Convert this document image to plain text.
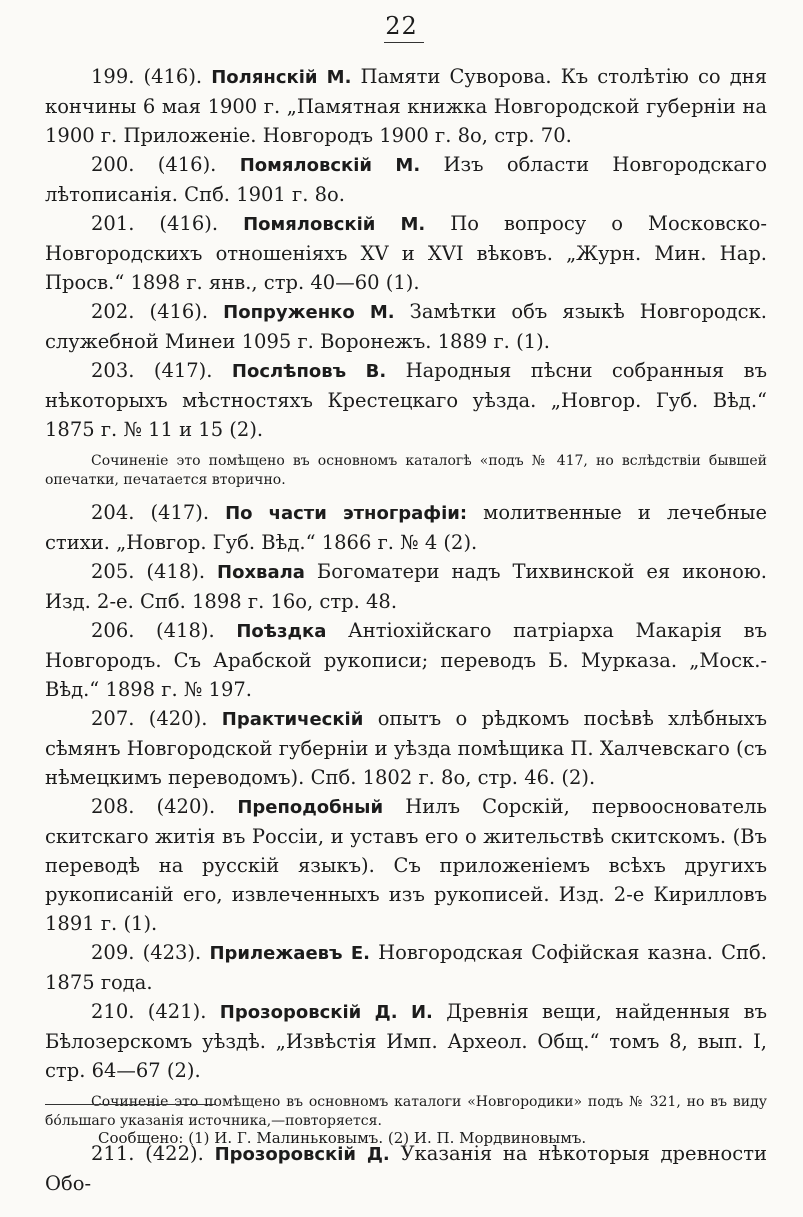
22

199. (416). Полянскій М. Памяти Суворова. Къ столѣтію со дня кончины 6 мая 1900 г. „Памятная книжка Новгородской губерніи на 1900 г. Приложеніе. Новгородъ 1900 г. 8о, стр. 70.

200. (416). Помяловскій М. Изъ области Новгородскаго лѣтописанія. Спб. 1901 г. 8о.

201. (416). Помяловскій М. По вопросу о Московско-Новгородскихъ отношеніяхъ XV и XVI вѣковъ. „Журн. Мин. Нар. Просв.“ 1898 г. янв., стр. 40—60 (1).

202. (416). Попруженко М. Замѣтки объ языкѣ Новгородск. служебной Минеи 1095 г. Воронежъ. 1889 г. (1).

203. (417). Послѣповъ В. Народныя пѣсни собранныя въ нѣкоторыхъ мѣстностяхъ Крестецкаго уѣзда. „Новгор. Губ. Вѣд.“ 1875 г. № 11 и 15 (2).

Сочиненіе это помѣщено въ основномъ каталогѣ «подъ № 417, но вслѣдствіи бывшей опечатки, печатается вторично.

204. (417). По части этнографіи: молитвенные и лечебные стихи. „Новгор. Губ. Вѣд.“ 1866 г. № 4 (2).

205. (418). Похвала Богоматери надъ Тихвинской ея иконою. Изд. 2-е. Спб. 1898 г. 16о, стр. 48.

206. (418). Поѣздка Антіохійскаго патріарха Макарія въ Новгородъ. Съ Арабской рукописи; переводъ Б. Мурказа. „Моск.-Вѣд.“ 1898 г. № 197.

207. (420). Практическій опытъ о рѣдкомъ посѣвѣ хлѣбныхъ сѣмянъ Новгородской губерніи и уѣзда помѣщика П. Халчевскаго (съ нѣмецкимъ переводомъ). Спб. 1802 г. 8о, стр. 46. (2).

208. (420). Преподобный Нилъ Сорскій, первооснователь скитскаго житія въ Россіи, и уставъ его о жительствѣ скитскомъ. (Въ переводѣ на русскій языкъ). Съ приложеніемъ всѣхъ другихъ рукописаній его, извлеченныхъ изъ рукописей. Изд. 2-е Кирилловъ 1891 г. (1).

209. (423). Прилежаевъ Е. Новгородская Софійская казна. Спб. 1875 года.

210. (421). Прозоровскій Д. И. Древнія вещи, найденныя въ Бѣлозерскомъ уѣздѣ. „Извѣстія Имп. Археол. Общ.“ томъ 8, вып. I, стр. 64—67 (2).

Сочиненіе это помѣщено въ основномъ каталоги «Новгородики» подъ № 321, но въ виду бо́льшаго указанія источника,—повторяется.

211. (422). Прозоровскій Д. Указанія на нѣкоторыя древности Обо-

Сообщено: (1) И. Г. Малиньковымъ. (2) И. П. Мордвиновымъ.
